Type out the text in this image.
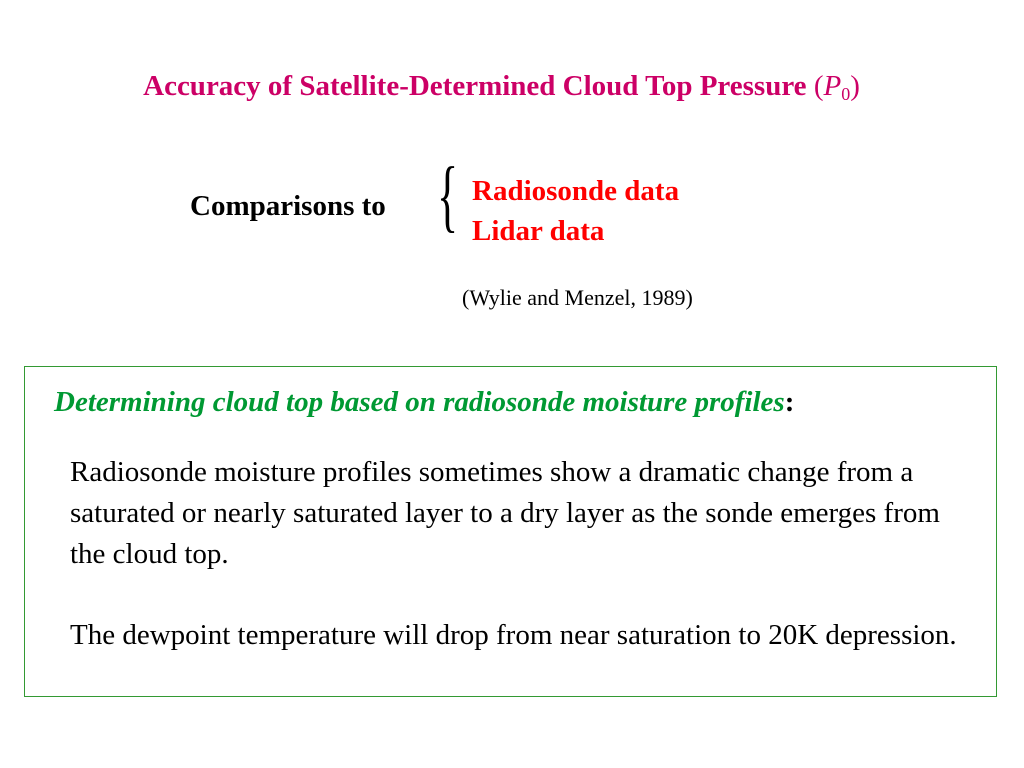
Accuracy of Satellite-Determined Cloud Top Pressure $(P_0)$
Comparisons to { Radiosonde data
Lidar data
(Wylie and Menzel, 1989)
Determining cloud top based on radiosonde moisture profiles:

Radiosonde moisture profiles sometimes show a dramatic change from a saturated or nearly saturated layer to a dry layer as the sonde emerges from the cloud top.

The dewpoint temperature will drop from near saturation to 20K depression.
